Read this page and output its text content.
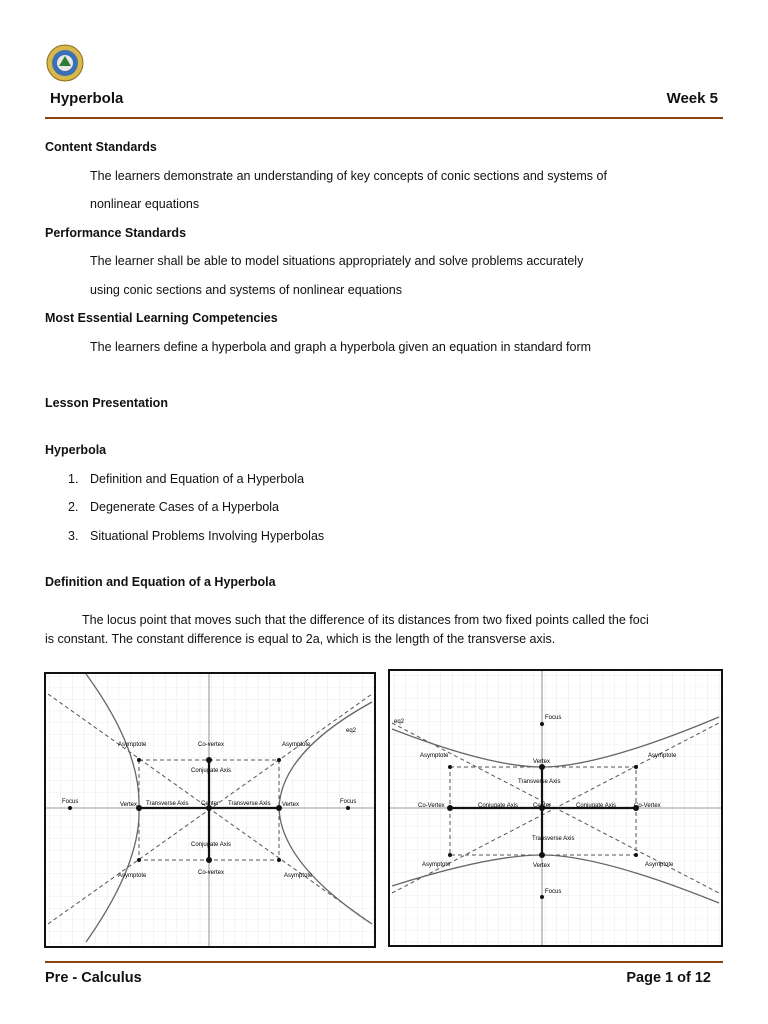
Hyperbola	Week 5
Content Standards
The learners demonstrate an understanding of key concepts of conic sections and systems of
nonlinear equations
Performance Standards
The learner shall be able to model situations appropriately and solve problems accurately
using conic sections and systems of nonlinear equations
Most Essential Learning Competencies
The learners define a hyperbola and graph a hyperbola given an equation in standard form
Lesson Presentation
Hyperbola
1. Definition and Equation of a Hyperbola
2. Degenerate Cases of a Hyperbola
3. Situational Problems Involving Hyperbolas
Definition and Equation of a Hyperbola
The locus point that moves such that the difference of its distances from two fixed points called the foci
is constant. The constant difference is equal to 2a, which is the length of the transverse axis.
Asymptote	Asymptote
Asymptote	Asymptote
Co-vertex
Co-vertex
Conjugate Axis
Conjugate Axis
Vertex	Vertex
Center
Transverse Axis	Transverse Axis
Focus	Focus
eq2
Focus
Focus
Vertex
Vertex
Asymptote	Asymptote
Asymptote	Asymptote
Transverse Axis
Transverse Axis
Co-Vertex	Co-Vertex
Conjugate Axis	Conjugate Axis
Center
eq2
Pre - Calculus	Page 1 of 12
